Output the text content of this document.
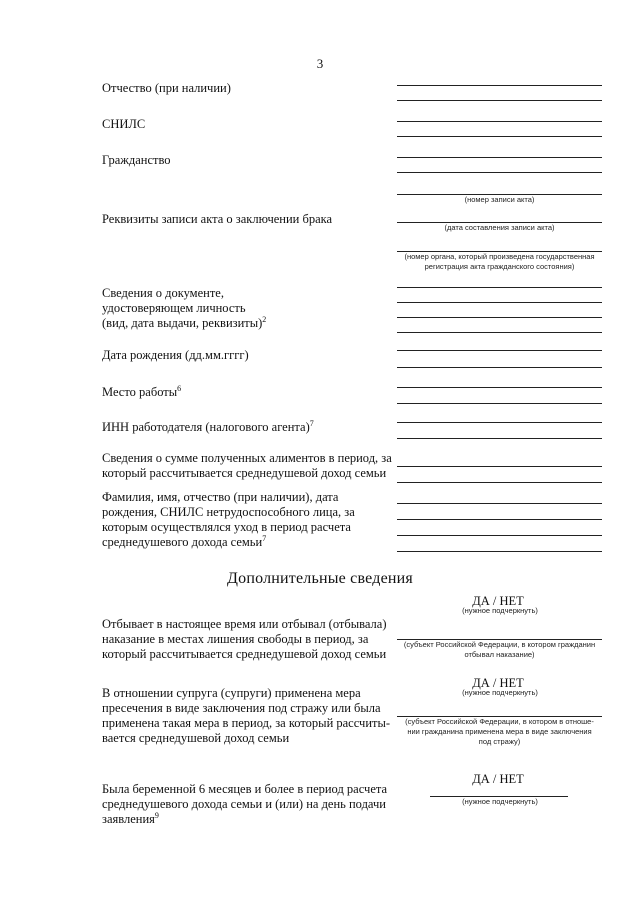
3
Отчество (при наличии)
СНИЛС
Гражданство
(номер записи акта)
Реквизиты записи акта о заключении брака
(дата составления записи акта)
(номер органа, который произведена государственная
регистрация акта гражданского состояния)
Сведения о документе,
удостоверяющем личность
(вид, дата выдачи, реквизиты)$^2$
Дата рождения (дд.мм.гггг)
Место работы$^6$
ИНН работодателя (налогового агента)$^7$
Сведения о сумме полученных алиментов в период, за
который рассчитывается среднедушевой доход семьи
Фамилия, имя, отчество (при наличии), дата
рождения, СНИЛС нетрудоспособного лица, за
которым осуществлялся уход в период расчета
среднедушевого дохода семьи$^7$
Дополнительные сведения
ДА / НЕТ
(нужное подчеркнуть)
Отбывает в настоящее время или отбывал (отбывала)
наказание в местах лишения свободы в период, за
который рассчитывается среднедушевой доход семьи
(субъект Российской Федерации, в котором гражданин
отбывал наказание)
ДА / НЕТ
(нужное подчеркнуть)
В отношении супруга (супруги) применена мера
пресечения в виде заключения под стражу или была
применена такая мера в период, за который рассчиты-
вается среднедушевой доход семьи
(субъект Российской Федерации, в котором в отноше-
нии гражданина применена мера в виде заключения
под стражу)
ДА / НЕТ
Была беременной 6 месяцев и более в период расчета
среднедушевого дохода семьи и (или) на день подачи
заявления$^9$
(нужное подчеркнуть)
